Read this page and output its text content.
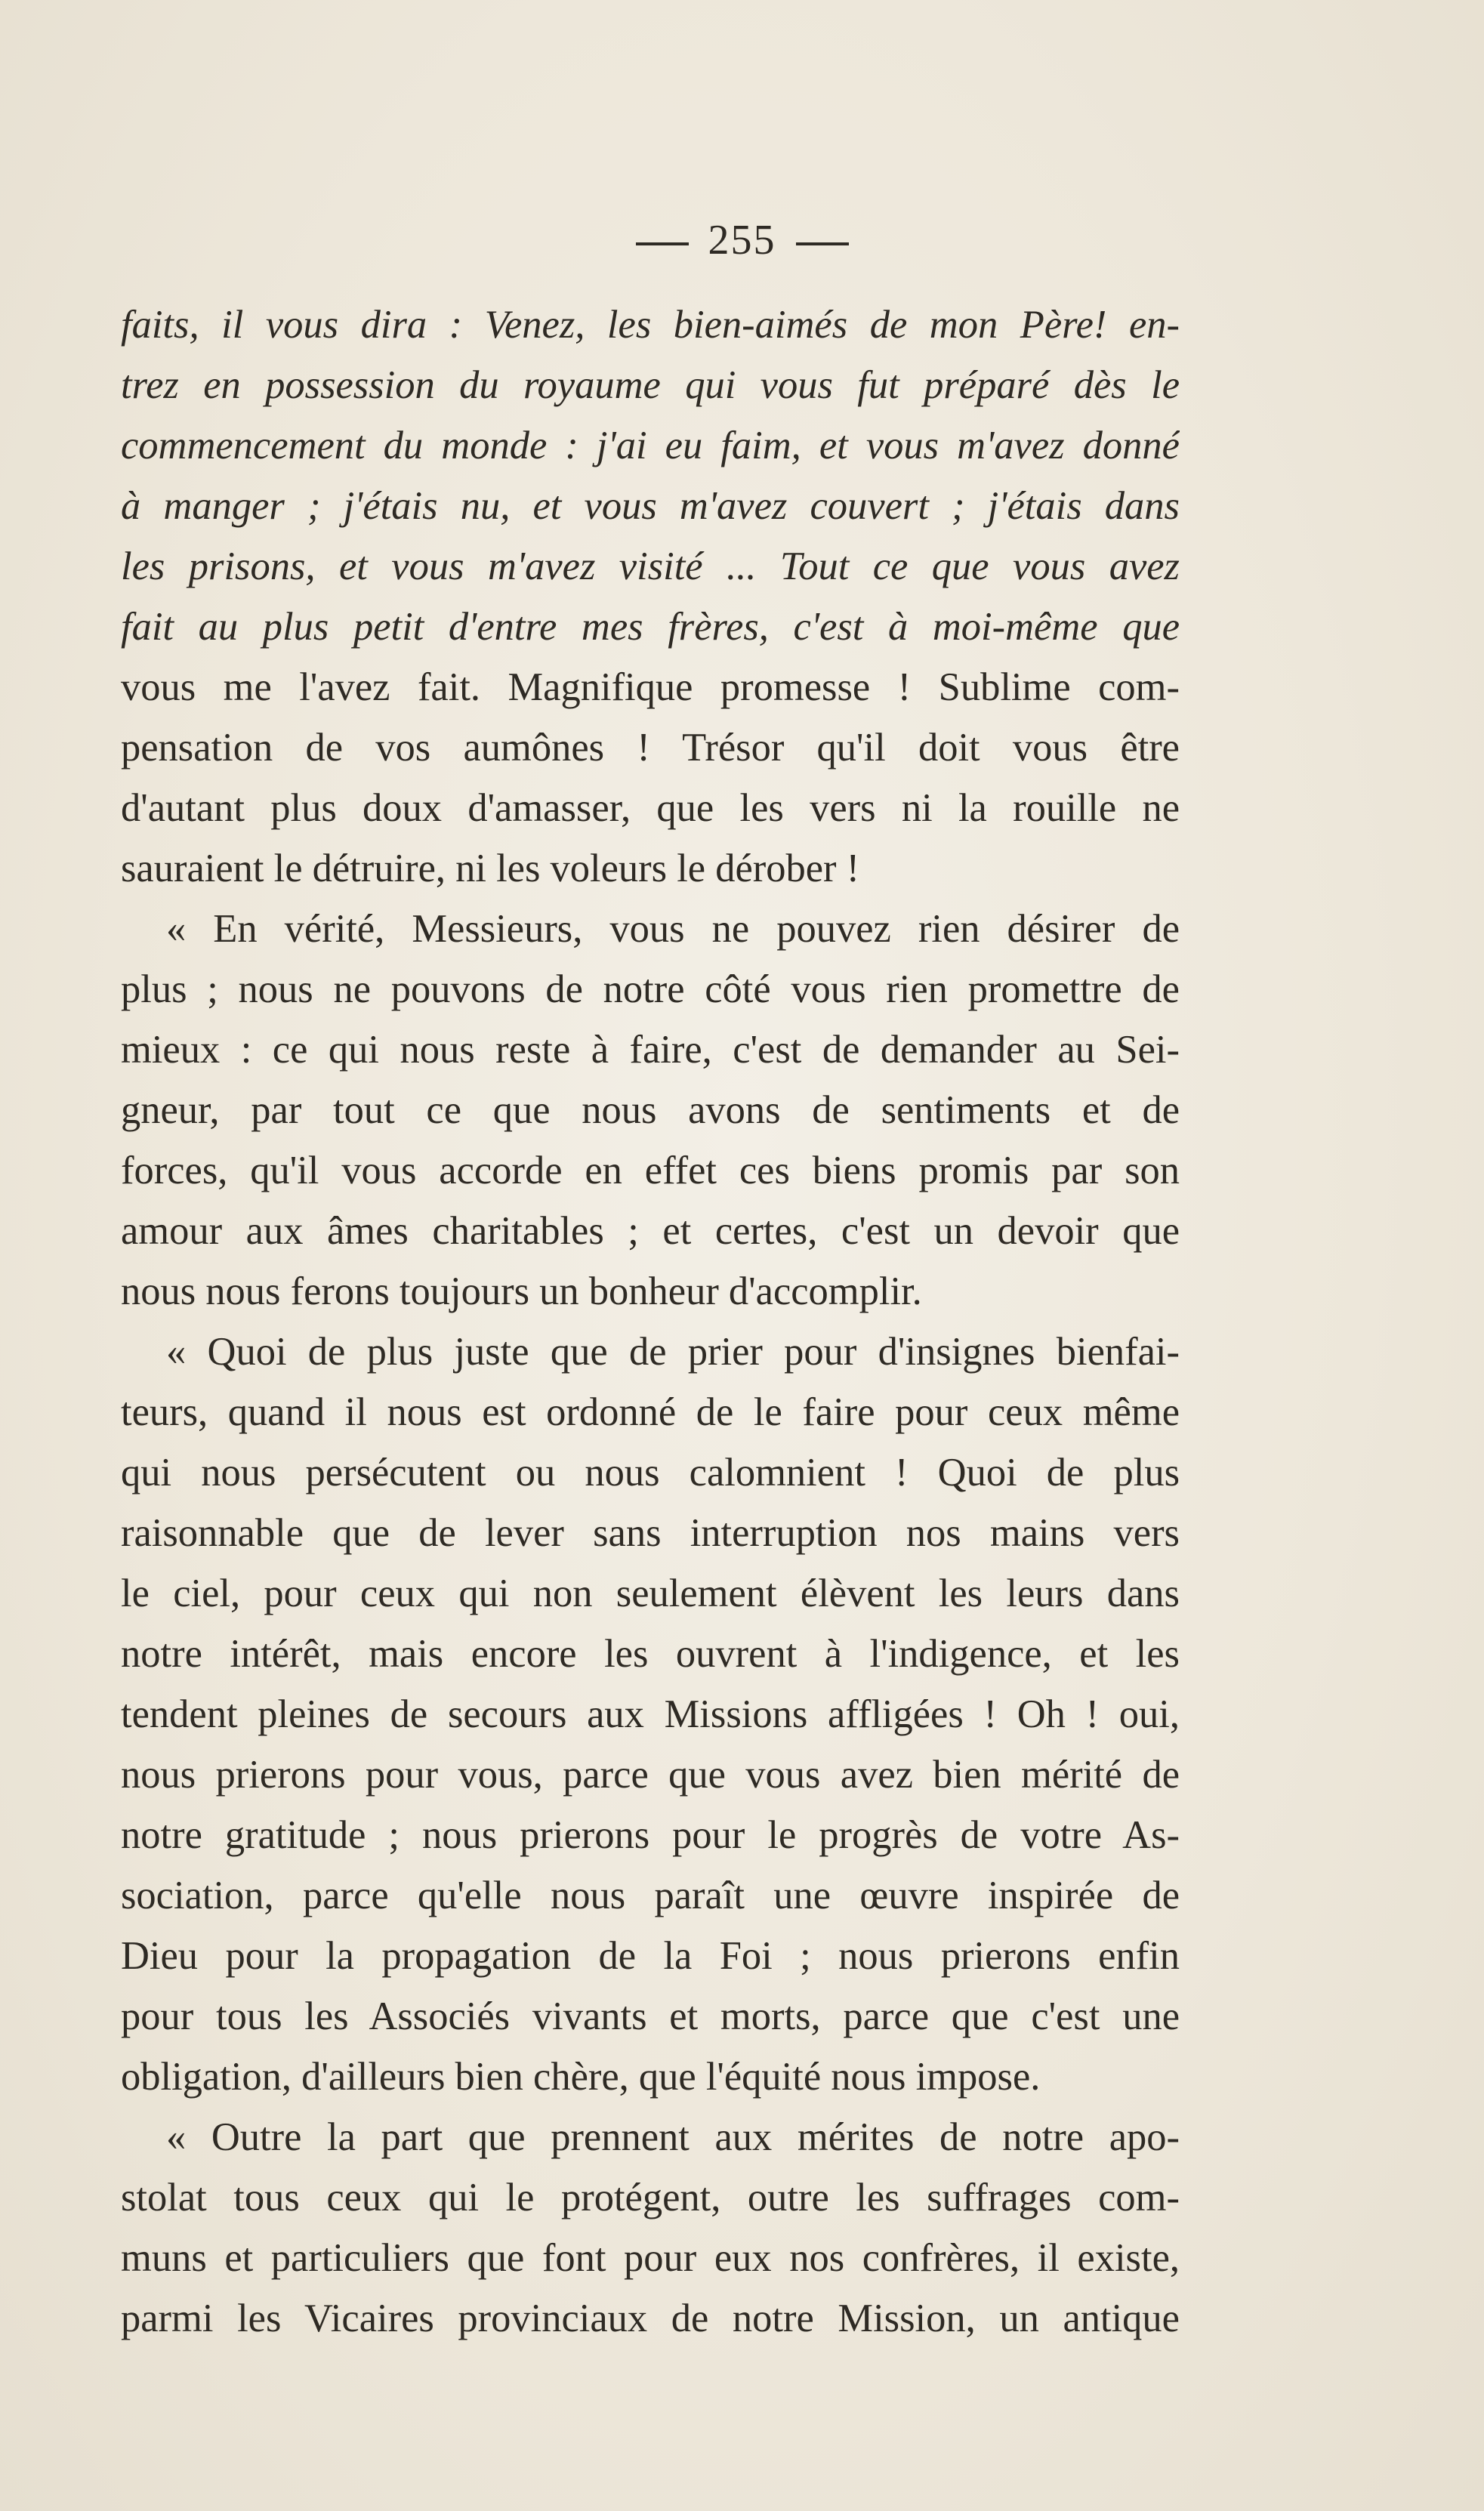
255
faits, il vous dira : Venez, les bien-aimés de mon Père! en-
trez en possession du royaume qui vous fut préparé dès le
commencement du monde : j'ai eu faim, et vous m'avez donné
à manger ; j'étais nu, et vous m'avez couvert ; j'étais dans
les prisons, et vous m'avez visité ... Tout ce que vous avez
fait au plus petit d'entre mes frères, c'est à moi-même que
vous me l'avez fait. Magnifique promesse ! Sublime com-
pensation de vos aumônes ! Trésor qu'il doit vous être
d'autant plus doux d'amasser, que les vers ni la rouille ne
sauraient le détruire, ni les voleurs le dérober !
« En vérité, Messieurs, vous ne pouvez rien désirer de
plus ; nous ne pouvons de notre côté vous rien promettre de
mieux : ce qui nous reste à faire, c'est de demander au Sei-
gneur, par tout ce que nous avons de sentiments et de
forces, qu'il vous accorde en effet ces biens promis par son
amour aux âmes charitables ; et certes, c'est un devoir que
nous nous ferons toujours un bonheur d'accomplir.
« Quoi de plus juste que de prier pour d'insignes bienfai-
teurs, quand il nous est ordonné de le faire pour ceux même
qui nous persécutent ou nous calomnient ! Quoi de plus
raisonnable que de lever sans interruption nos mains vers
le ciel, pour ceux qui non seulement élèvent les leurs dans
notre intérêt, mais encore les ouvrent à l'indigence, et les
tendent pleines de secours aux Missions affligées ! Oh ! oui,
nous prierons pour vous, parce que vous avez bien mérité de
notre gratitude ; nous prierons pour le progrès de votre As-
sociation, parce qu'elle nous paraît une œuvre inspirée de
Dieu pour la propagation de la Foi ; nous prierons enfin
pour tous les Associés vivants et morts, parce que c'est une
obligation, d'ailleurs bien chère, que l'équité nous impose.
« Outre la part que prennent aux mérites de notre apo-
stolat tous ceux qui le protégent, outre les suffrages com-
muns et particuliers que font pour eux nos confrères, il existe,
parmi les Vicaires provinciaux de notre Mission, un antique
